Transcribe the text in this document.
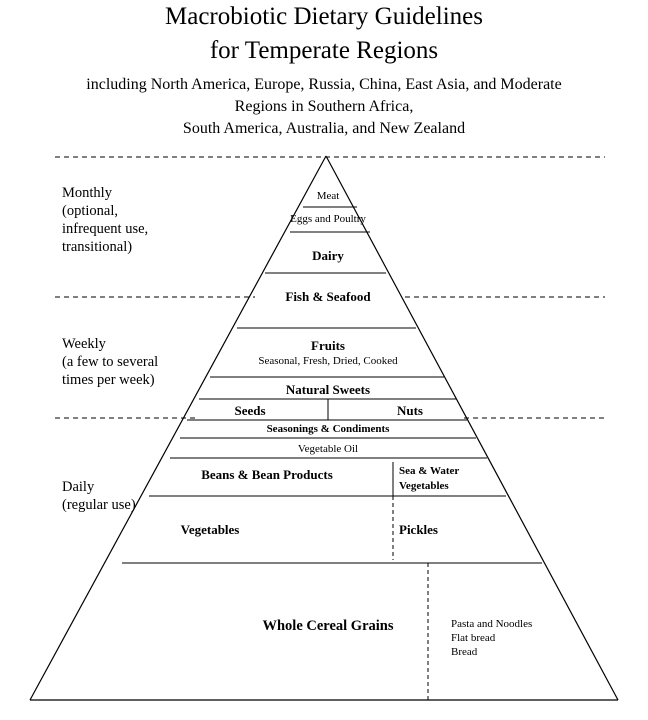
Macrobiotic Dietary Guidelines
for Temperate Regions
including North America, Europe, Russia, China, East Asia, and Moderate
Regions in Southern Africa,
South America, Australia, and New Zealand
Monthly
(optional,
infrequent use,
transitional)
Weekly
(a few to several
times per week)
Daily
(regular use)
Meat
Eggs and Poultry
Dairy
Fish & Seafood
Fruits
Seasonal, Fresh, Dried, Cooked
Natural Sweets
Seeds	Nuts
Seasonings & Condiments
Vegetable Oil
Beans & Bean Products	Sea & Water
Vegetables
Vegetables	Pickles
Whole Cereal Grains	Pasta and Noodles
Flat bread
Bread
